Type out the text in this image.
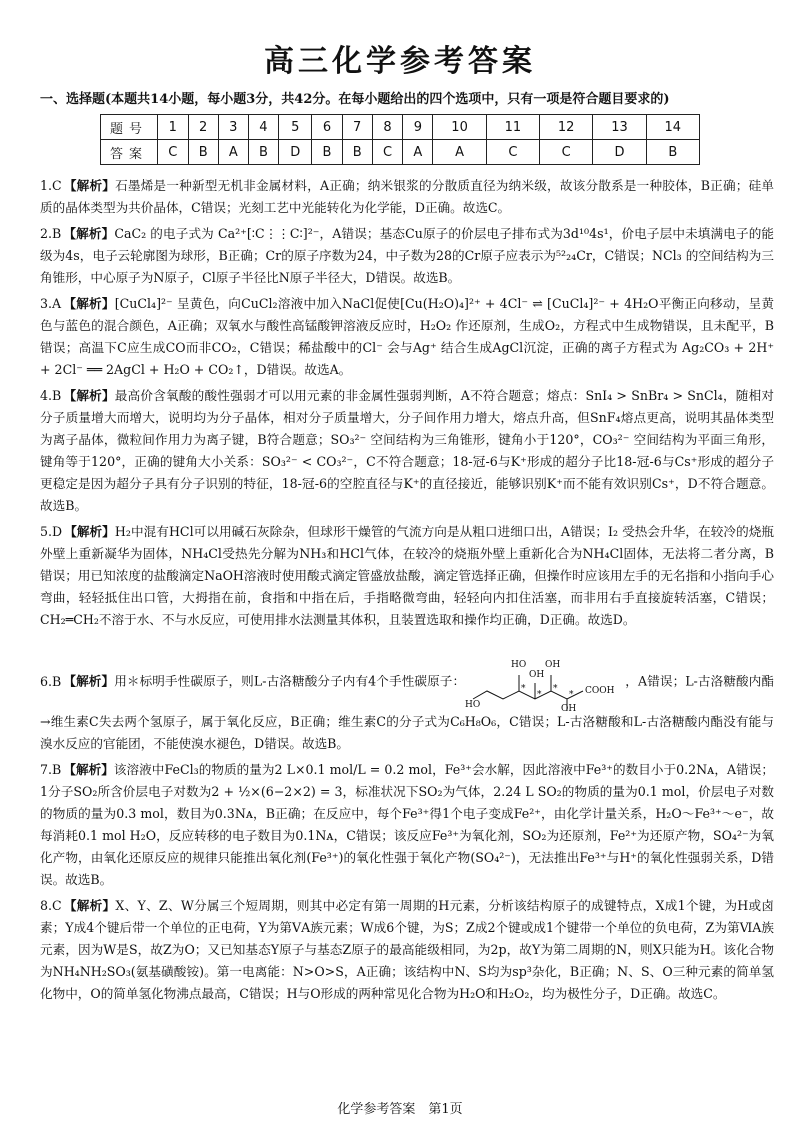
高三化学参考答案
一、选择题(本题共14小题，每小题3分，共42分。在每小题给出的四个选项中，只有一项是符合题目要求的)
题号	1	2	3	4	5	6	7	8	9	10	11	12	13	14
答案	C	B	A	B	D	B	B	C	A	A	C	C	D	B

1.C 【解析】石墨烯是一种新型无机非金属材料，A正确；纳米银浆的分散质直径为纳米级，故该分散系是一种胶体，B正确；硅单质的晶体类型为共价晶体，C错误；光刻工艺中光能转化为化学能，D正确。故选C。

2.B 【解析】CaC₂ 的电子式为 Ca²⁺[∶C⋮⋮C∶]²⁻，A错误；基态Cu原子的价层电子排布式为3d¹⁰4s¹，价电子层中未填满电子的能级为4s，电子云轮廓图为球形，B正确；Cr的原子序数为24，中子数为28的Cr原子应表示为⁵²₂₄Cr，C错误；NCl₃ 的空间结构为三角锥形，中心原子为N原子，Cl原子半径比N原子半径大，D错误。故选B。

3.A 【解析】[CuCl₄]²⁻ 呈黄色，向CuCl₂溶液中加入NaCl促使[Cu(H₂O)₄]²⁺ + 4Cl⁻ ⇌ [CuCl₄]²⁻ + 4H₂O平衡正向移动，呈黄色与蓝色的混合颜色，A正确；双氧水与酸性高锰酸钾溶液反应时，H₂O₂ 作还原剂，生成O₂，方程式中生成物错误，且未配平，B错误；高温下C应生成CO而非CO₂，C错误；稀盐酸中的Cl⁻ 会与Ag⁺ 结合生成AgCl沉淀，正确的离子方程式为 Ag₂CO₃ + 2H⁺ + 2Cl⁻ ══ 2AgCl + H₂O + CO₂↑，D错误。故选A。

4.B 【解析】最高价含氧酸的酸性强弱才可以用元素的非金属性强弱判断，A不符合题意；熔点：SnI₄ > SnBr₄ > SnCl₄，随相对分子质量增大而增大，说明均为分子晶体，相对分子质量增大，分子间作用力增大，熔点升高，但SnF₄熔点更高，说明其晶体类型为离子晶体，微粒间作用力为离子键，B符合题意；SO₃²⁻ 空间结构为三角锥形，键角小于120°，CO₃²⁻ 空间结构为平面三角形，键角等于120°，正确的键角大小关系：SO₃²⁻ < CO₃²⁻，C不符合题意；18-冠-6与K⁺形成的超分子比18-冠-6与Cs⁺形成的超分子更稳定是因为超分子具有分子识别的特征，18-冠-6的空腔直径与K⁺的直径接近，能够识别K⁺而不能有效识别Cs⁺，D不符合题意。故选B。

5.D 【解析】H₂中混有HCl可以用碱石灰除杂，但球形干燥管的气流方向是从粗口进细口出，A错误；I₂ 受热会升华，在较冷的烧瓶外壁上重新凝华为固体，NH₄Cl受热先分解为NH₃和HCl气体，在较冷的烧瓶外壁上重新化合为NH₄Cl固体，无法将二者分离，B错误；用已知浓度的盐酸滴定NaOH溶液时使用酸式滴定管盛放盐酸，滴定管选择正确，但操作时应该用左手的无名指和小指向手心弯曲，轻轻抵住出口管，大拇指在前，食指和中指在后，手指略微弯曲，轻轻向内扣住活塞，而非用右手直接旋转活塞，C错误；CH₂═CH₂不溶于水、不与水反应，可使用排水法测量其体积，且装置选取和操作均正确，D正确。故选D。

6.B 【解析】用＊标明手性碳原子，则L-古洛糖酸分子内有4个手性碳原子：
HO
OH
COOH
HO
OH
OH
*
*
*
*
，A错误；L-古洛糖酸内酯→维生素C失去两个氢原子，属于氧化反应，B正确；维生素C的分子式为C₆H₈O₆，C错误；L-古洛糖酸和L-古洛糖酸内酯没有能与溴水反应的官能团，不能使溴水褪色，D错误。故选B。

7.B 【解析】该溶液中FeCl₃的物质的量为2 L×0.1 mol/L = 0.2 mol，Fe³⁺会水解，因此溶液中Fe³⁺的数目小于0.2Nᴀ，A错误；1分子SO₂所含价层电子对数为2 + ½×(6−2×2) = 3，标准状况下SO₂为气体，2.24 L SO₂的物质的量为0.1 mol，价层电子对数的物质的量为0.3 mol，数目为0.3Nᴀ，B正确；在反应中，每个Fe³⁺得1个电子变成Fe²⁺，由化学计量关系，H₂O～Fe³⁺～e⁻，故每消耗0.1 mol H₂O，反应转移的电子数目为0.1Nᴀ，C错误；该反应Fe³⁺为氧化剂，SO₂为还原剂，Fe²⁺为还原产物，SO₄²⁻为氧化产物，由氧化还原反应的规律只能推出氧化剂(Fe³⁺)的氧化性强于氧化产物(SO₄²⁻)，无法推出Fe³⁺与H⁺的氧化性强弱关系，D错误。故选B。

8.C 【解析】X、Y、Z、W分属三个短周期，则其中必定有第一周期的H元素，分析该结构原子的成键特点，X成1个键，为H或卤素；Y成4个键后带一个单位的正电荷，Y为第ⅤA族元素；W成6个键，为S；Z成2个键或成1个键带一个单位的负电荷，Z为第ⅥA族元素，因为W是S，故Z为O；又已知基态Y原子与基态Z原子的最高能级相同，为2p，故Y为第二周期的N，则X只能为H。该化合物为NH₄NH₂SO₃(氨基磺酸铵)。第一电离能：N>O>S，A正确；该结构中N、S均为sp³杂化，B正确；N、S、O三种元素的简单氢化物中，O的简单氢化物沸点最高，C错误；H与O形成的两种常见化合物为H₂O和H₂O₂，均为极性分子，D正确。故选C。

化学参考答案　第1页
